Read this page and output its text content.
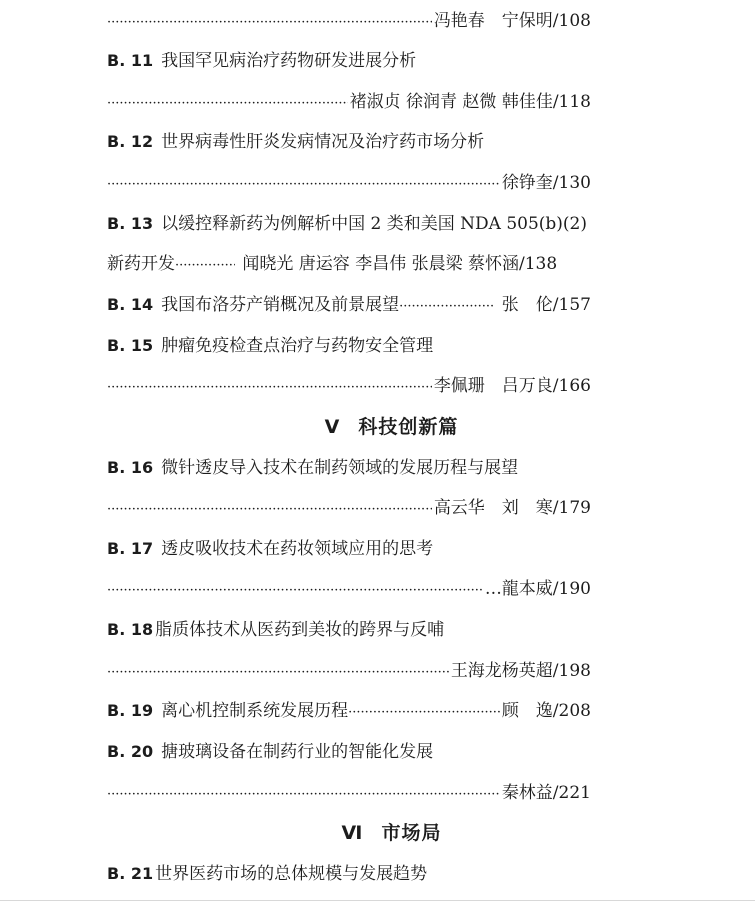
·····
冯艳春　宁保明/108
B. 11 我国罕见病治疗药物研发进展分析
·····
褚淑贞 徐润青 赵微 韩佳佳/118
B. 12 世界病毒性肝炎发病情况及治疗药市场分析
·····
徐铮奎/130
B. 13 以缓控释新药为例解析中国 2 类和美国 NDA 505(b)(2)
新药开发 ·····	闻晓光 唐运容 李昌伟 张晨梁 蔡怀涵/138
B. 14 我国布洛芬产销概况及前景展望 ·····	张　伦/157
B. 15 肿瘤免疫检查点治疗与药物安全管理
·····
李佩珊　吕万良/166
Ⅴ 科技创新篇
B. 16 微针透皮导入技术在制药领域的发展历程与展望
·····
高云华　刘　寒/179
B. 17 透皮吸收技术在药妆领域应用的思考
·····
…龍本威/190
B. 18 脂质体技术从医药到美妆的跨界与反哺
·····
王海龙杨英超/198
B. 19 离心机控制系统发展历程 ·····	顾　逸/208
B. 20 搪玻璃设备在制药行业的智能化发展
·····
秦林益/221
Ⅵ 市场局
B. 21 世界医药市场的总体规模与发展趋势
